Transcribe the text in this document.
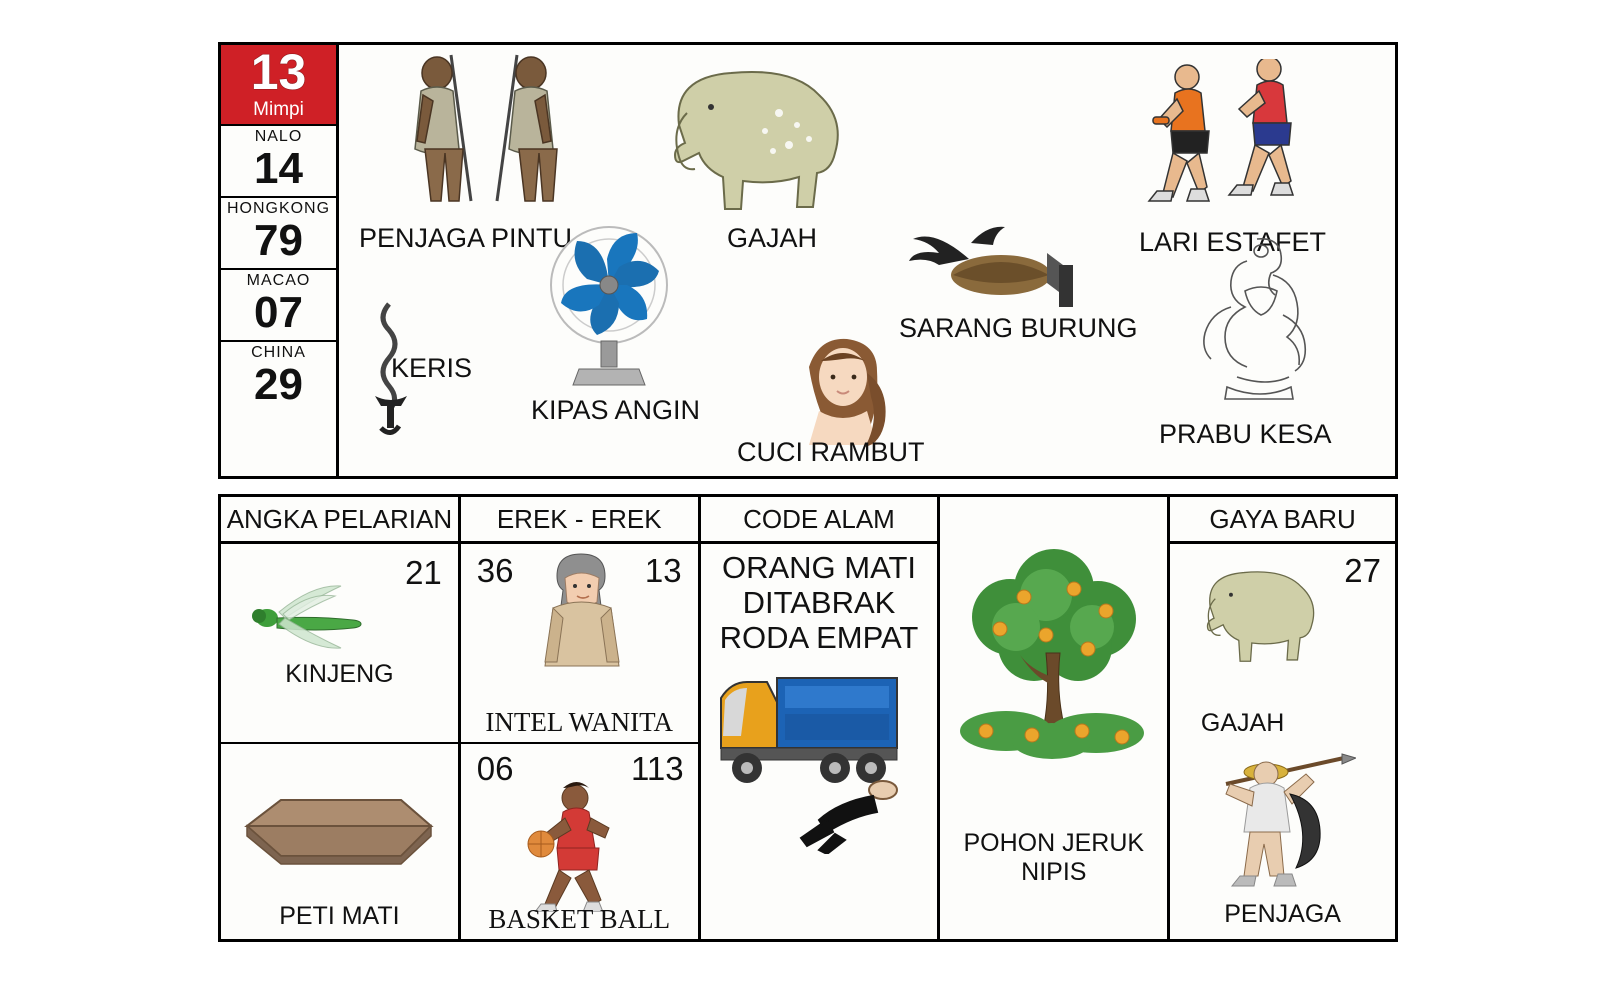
13
Mimpi
NALO
14
HONGKONG
79
MACAO
07
CHINA
29
PENJAGA PINTU	GAJAH	LARI ESTAFET
SARANG BURUNG
KERIS
KIPAS ANGIN
CUCI RAMBUT
PRABU KESA
ANGKA PELARIAN
21
KINJENG
PETI MATI
EREK - EREK
36	13
INTEL WANITA
06	113
BASKET BALL
CODE ALAM
ORANG MATI DITABRAK RODA EMPAT
POHON JERUK NIPIS
GAYA BARU
27
GAJAH
PENJAGA
